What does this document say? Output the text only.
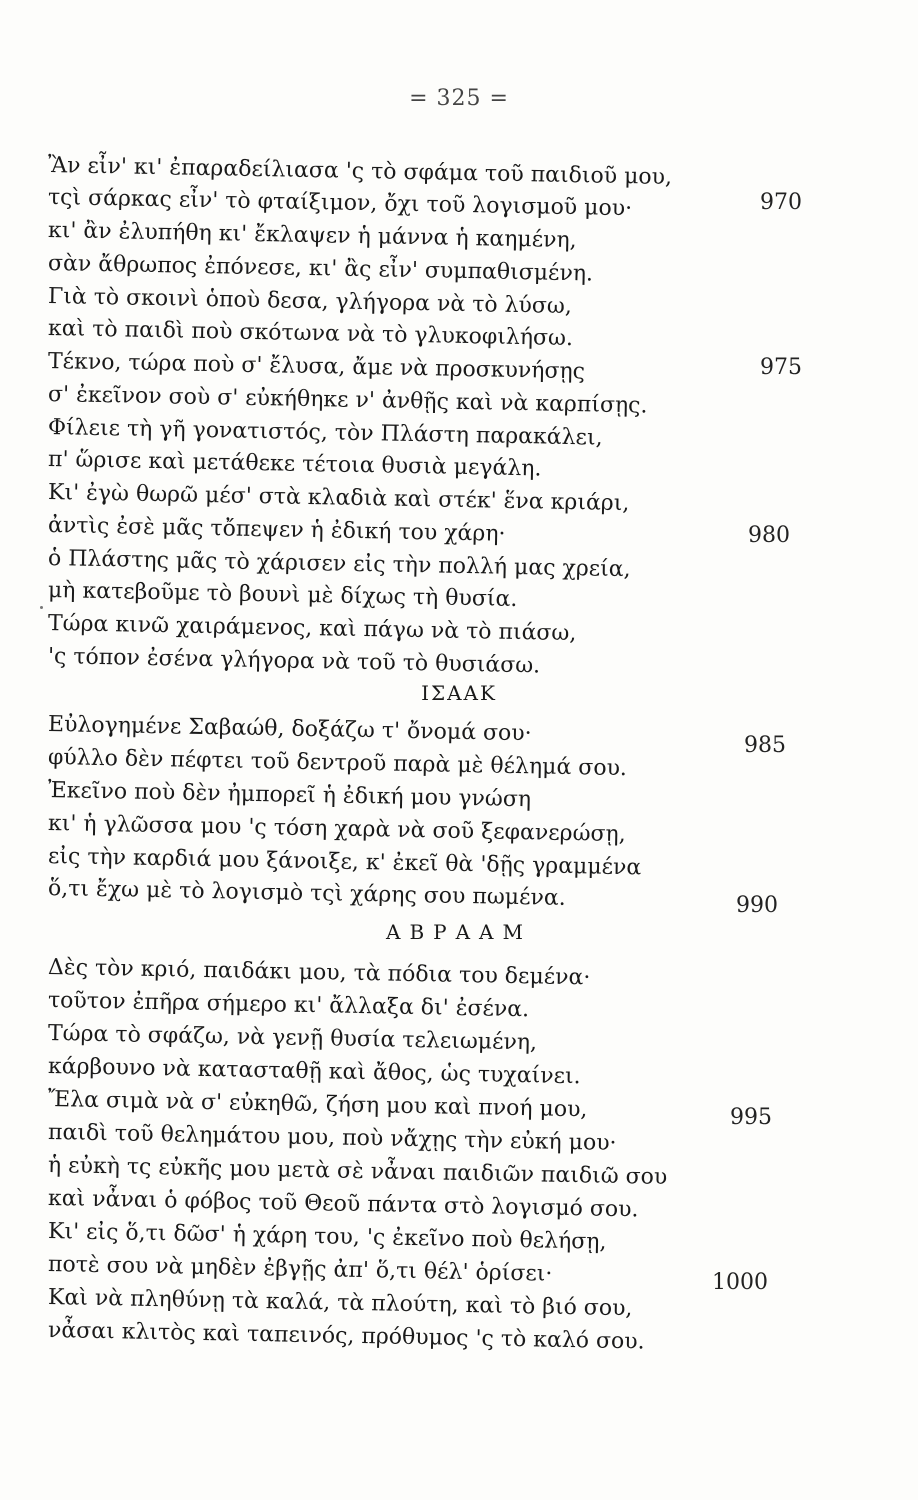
= 325 =
Ἂν εἶν' κι' ἐπαραδείλιασα 'ς τὸ σφάμα τοῦ παιδιοῦ μου,
τςὶ σάρκας εἶν' τὸ φταίξιμον, ὄχι τοῦ λογισμοῦ μου·
κι' ἂν ἐλυπήθη κι' ἔκλαψεν ἡ μάννα ἡ καημένη,
σὰν ἄθρωπος ἐπόνεσε, κι' ἂς εἶν' συμπαθισμένη.
Γιὰ τὸ σκοινὶ ὁποὺ δεσα, γλήγορα νὰ τὸ λύσω,
καὶ τὸ παιδὶ ποὺ σκότωνα νὰ τὸ γλυκοφιλήσω.
Τέκνο, τώρα ποὺ σ' ἔλυσα, ἄμε νὰ προσκυνήσῃς
σ' ἐκεῖνον σοὺ σ' εὐκήθηκε ν' ἀνθῇς καὶ νὰ καρπίσῃς.
Φίλειε τὴ γῆ γονατιστός, τὸν Πλάστη παρακάλει,
π' ὥρισε καὶ μετάθεκε τέτοια θυσιὰ μεγάλη.
Κι' ἐγὼ θωρῶ μέσ' στὰ κλαδιὰ καὶ στέκ' ἕνα κριάρι,
ἀντὶς ἐσὲ μᾶς τὄπεψεν ἡ ἐδική του χάρη·
ὁ Πλάστης μᾶς τὸ χάρισεν εἰς τὴν πολλή μας χρεία,
μὴ κατεβοῦμε τὸ βουνὶ μὲ δίχως τὴ θυσία.
Τώρα κινῶ χαιράμενος, καὶ πάγω νὰ τὸ πιάσω,
'ς τόπον ἐσένα γλήγορα νὰ τοῦ τὸ θυσιάσω.
ΙΣΑΑΚ
Εὐλογημένε Σαβαώθ, δοξάζω τ' ὄνομά σου·
φύλλο δὲν πέφτει τοῦ δεντροῦ παρὰ μὲ θέλημά σου.
Ἐκεῖνο ποὺ δὲν ἠμπορεῖ ἡ ἐδική μου γνώση
κι' ἡ γλῶσσα μου 'ς τόση χαρὰ νὰ σοῦ ξεφανερώσῃ,
εἰς τὴν καρδιά μου ξάνοιξε, κ' ἐκεῖ θὰ 'δῇς γραμμένα
ὅ,τι ἔχω μὲ τὸ λογισμὸ τςὶ χάρης σου πωμένα.
ΑΒΡΑΑΜ
Δὲς τὸν κριό, παιδάκι μου, τὰ πόδια του δεμένα·
τοῦτον ἐπῆρα σήμερο κι' ἄλλαξα δι' ἐσένα.
Τώρα τὸ σφάζω, νὰ γενῇ θυσία τελειωμένη,
κάρβουνο νὰ κατασταθῇ καὶ ἄθος, ὡς τυχαίνει.
Ἔλα σιμὰ νὰ σ' εὐκηθῶ, ζήση μου καὶ πνοή μου,
παιδὶ τοῦ θελημάτου μου, ποὺ νἄχῃς τὴν εὐκή μου·
ἡ εὐκὴ τς εὐκῆς μου μετὰ σὲ νἆναι παιδιῶν παιδιῶ σου
καὶ νἆναι ὁ φόβος τοῦ Θεοῦ πάντα στὸ λογισμό σου.
Κι' εἰς ὅ,τι δῶσ' ἡ χάρη του, 'ς ἐκεῖνο ποὺ θελήσῃ,
ποτὲ σου νὰ μηδὲν ἐβγῇς ἀπ' ὅ,τι θέλ' ὁρίσει·
Καὶ νὰ πληθύνῃ τὰ καλά, τὰ πλούτη, καὶ τὸ βιό σου,
νἆσαι κλιτὸς καὶ ταπεινός, πρόθυμος 'ς τὸ καλό σου.
970
975
980
985
990
995
1000
